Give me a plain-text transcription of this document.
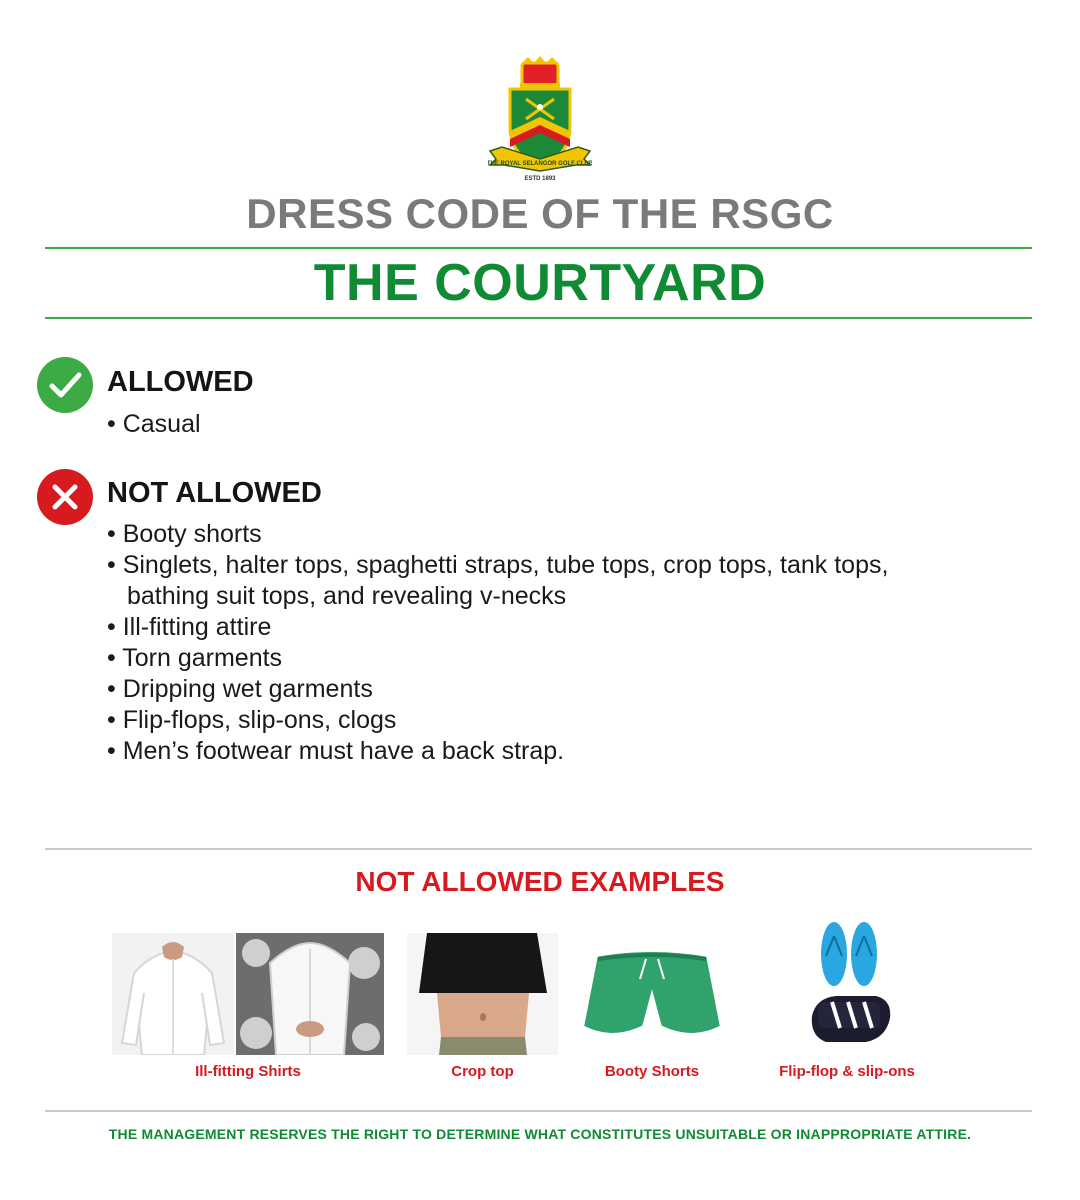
THE ROYAL SELANGOR GOLF CLUB
ESTD 1893
DRESS CODE OF THE RSGC
THE COURTYARD
ALLOWED
• Casual
NOT ALLOWED
• Booty shorts
• Singlets, halter tops, spaghetti straps, tube tops, crop tops, tank tops, bathing suit tops, and revealing v-necks
• Ill-fitting attire
• Torn garments
• Dripping wet garments
• Flip-flops, slip-ons, clogs
• Men’s footwear must have a back strap.
NOT ALLOWED EXAMPLES
Ill-fitting Shirts	Crop top	Booty Shorts	Flip-flop & slip-ons
THE MANAGEMENT RESERVES THE RIGHT TO DETERMINE WHAT CONSTITUTES UNSUITABLE OR INAPPROPRIATE ATTIRE.
